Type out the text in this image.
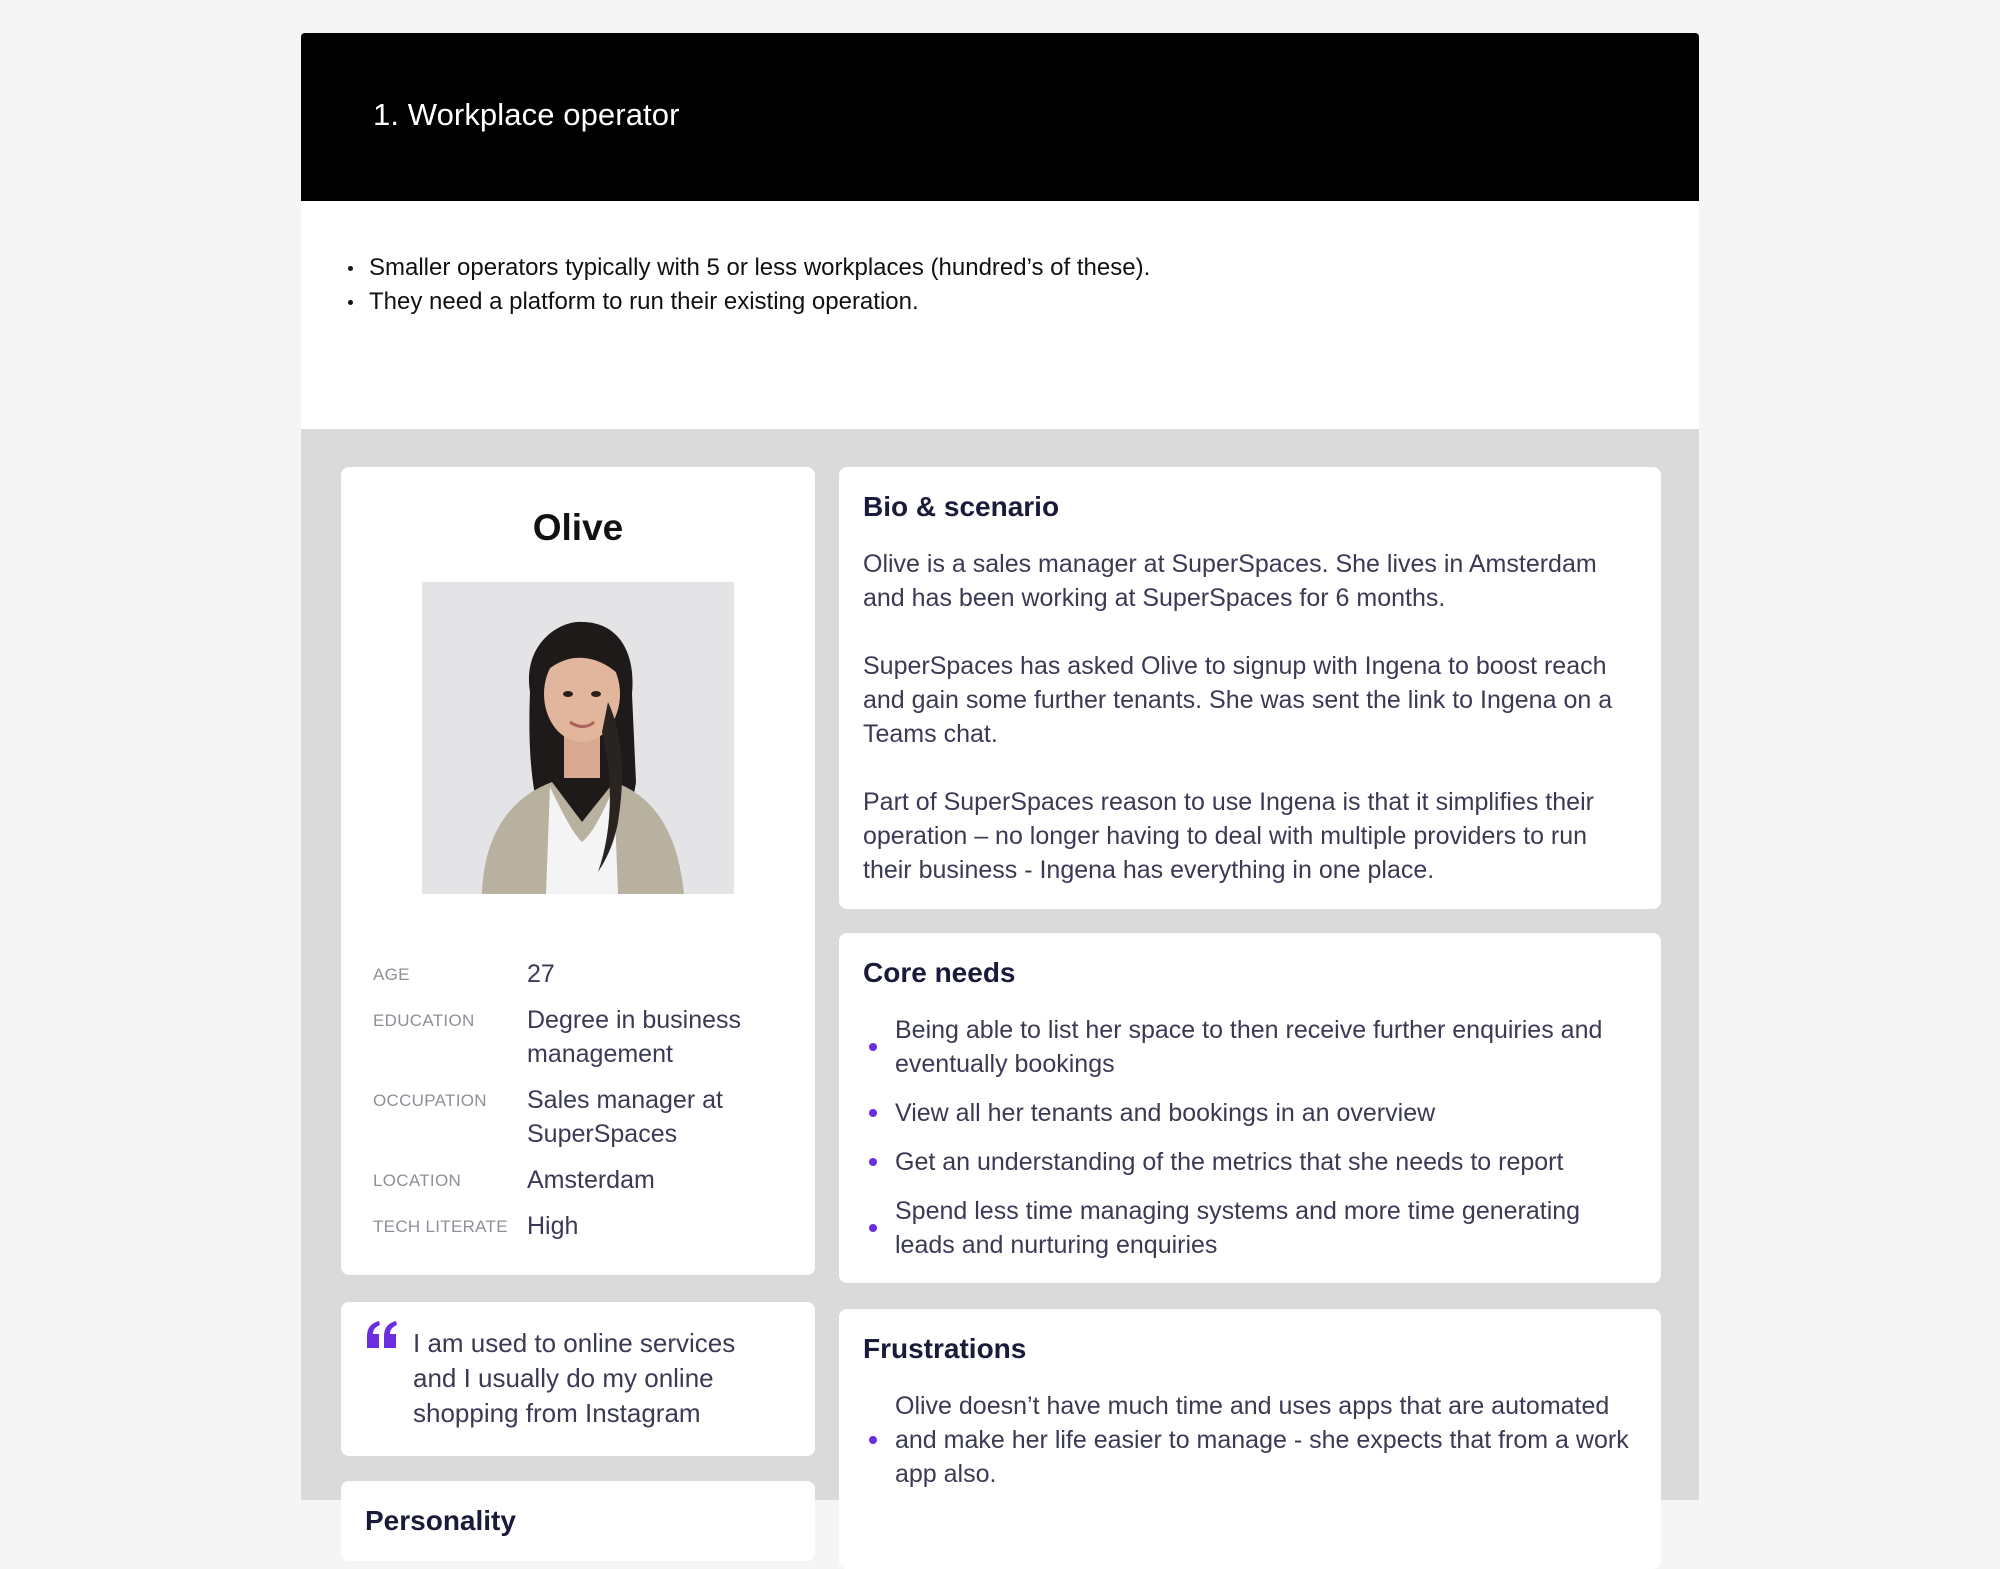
1. Workplace operator
Smaller operators typically with 5 or less workplaces (hundred’s of these).
They need a platform to run their existing operation.
Olive
AGE	27
EDUCATION	Degree in business management
OCCUPATION	Sales manager at SuperSpaces
LOCATION	Amsterdam
TECH LITERATE High

I am used to online services and I usually do my online shopping from Instagram

Personality
Bio & scenario

Olive is a sales manager at SuperSpaces. She lives in Amsterdam and has been working at SuperSpaces for 6 months.

SuperSpaces has asked Olive to signup with Ingena to boost reach and gain some further tenants. She was sent the link to Ingena on a Teams chat.

Part of SuperSpaces reason to use Ingena is that it simplifies their operation – no longer having to deal with multiple providers to run their business - Ingena has everything in one place.

Core needs
Being able to list her space to then receive further enquiries and eventually bookings
View all her tenants and bookings in an overview
Get an understanding of the metrics that she needs to report
Spend less time managing systems and more time generating leads and nurturing enquiries
Frustrations
Olive doesn’t have much time and uses apps that are automated and make her life easier to manage - she expects that from a work app also.
